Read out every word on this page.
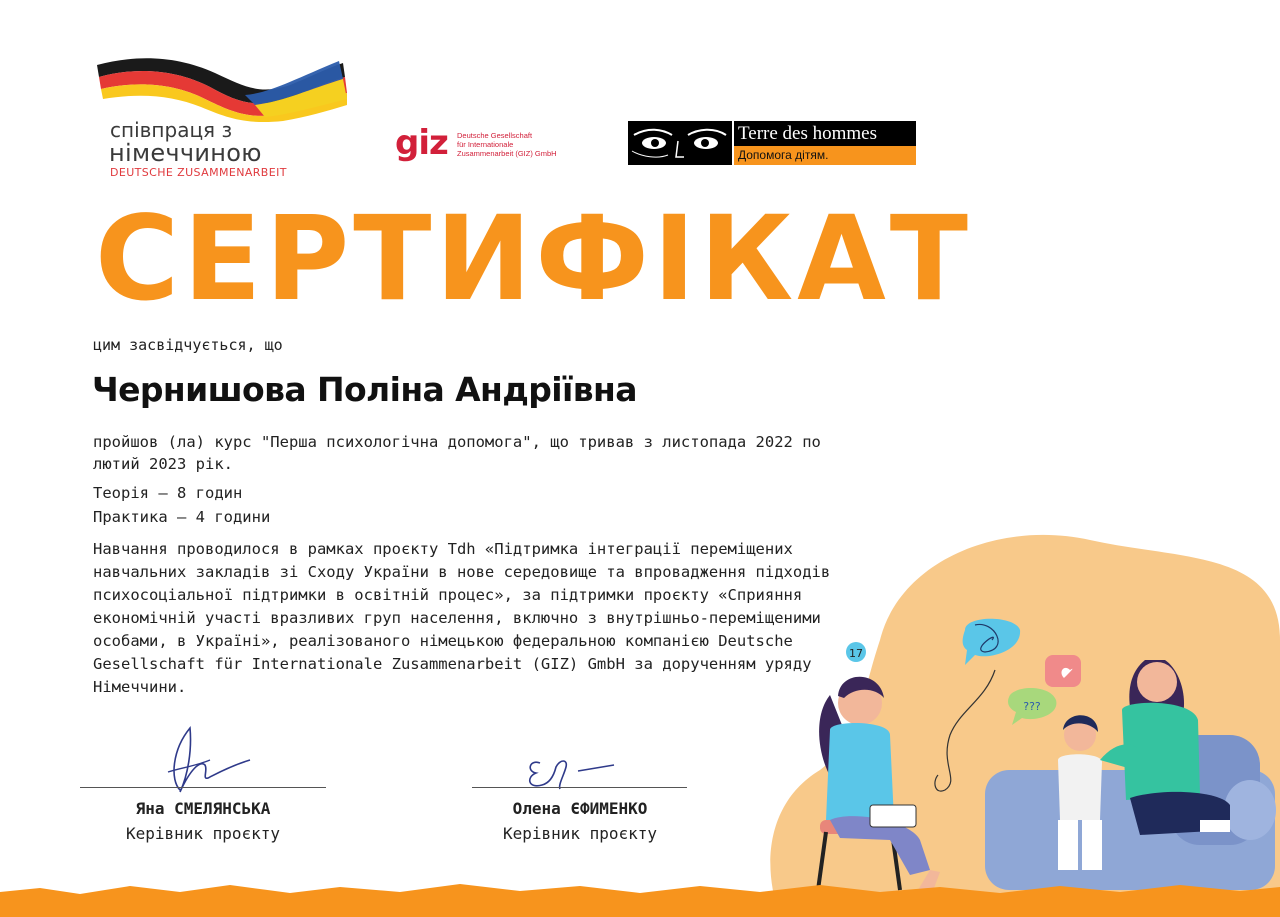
співпраця з
німеччиною
DEUTSCHE ZUSAMMENARBEIT
giz Deutsche Gesellschaft
für Internationale
Zusammenarbeit (GIZ) GmbH
Terre des hommes
Допомога дітям.
СЕРТИФІКАТ
цим засвідчується, що
Чернишова Поліна Андріївна
пройшов (ла) курс "Перша психологічна допомога", що тривав з листопада 2022 по лютий 2023 рік.
Теорія – 8 годин
Практика – 4 години
Навчання проводилося в рамках проєкту Tdh «Підтримка інтеграції переміщених навчальних закладів зі Сходу України в нове середовище та впровадження підходів психосоціальної підтримки в освітній процес», за підтримки проєкту «Сприяння економічній участі вразливих груп населення, включно з внутрішньо-переміщеними особами, в Україні», реалізованого німецькою федеральною компанією Deutsche Gesellschaft für Internationale Zusammenarbeit (GIZ) GmbH за дорученням уряду Німеччини.
Яна СМЕЛЯНСЬКА
Керівник проєкту
Олена ЄФИМЕНКО
Керівник проєкту
17
???
